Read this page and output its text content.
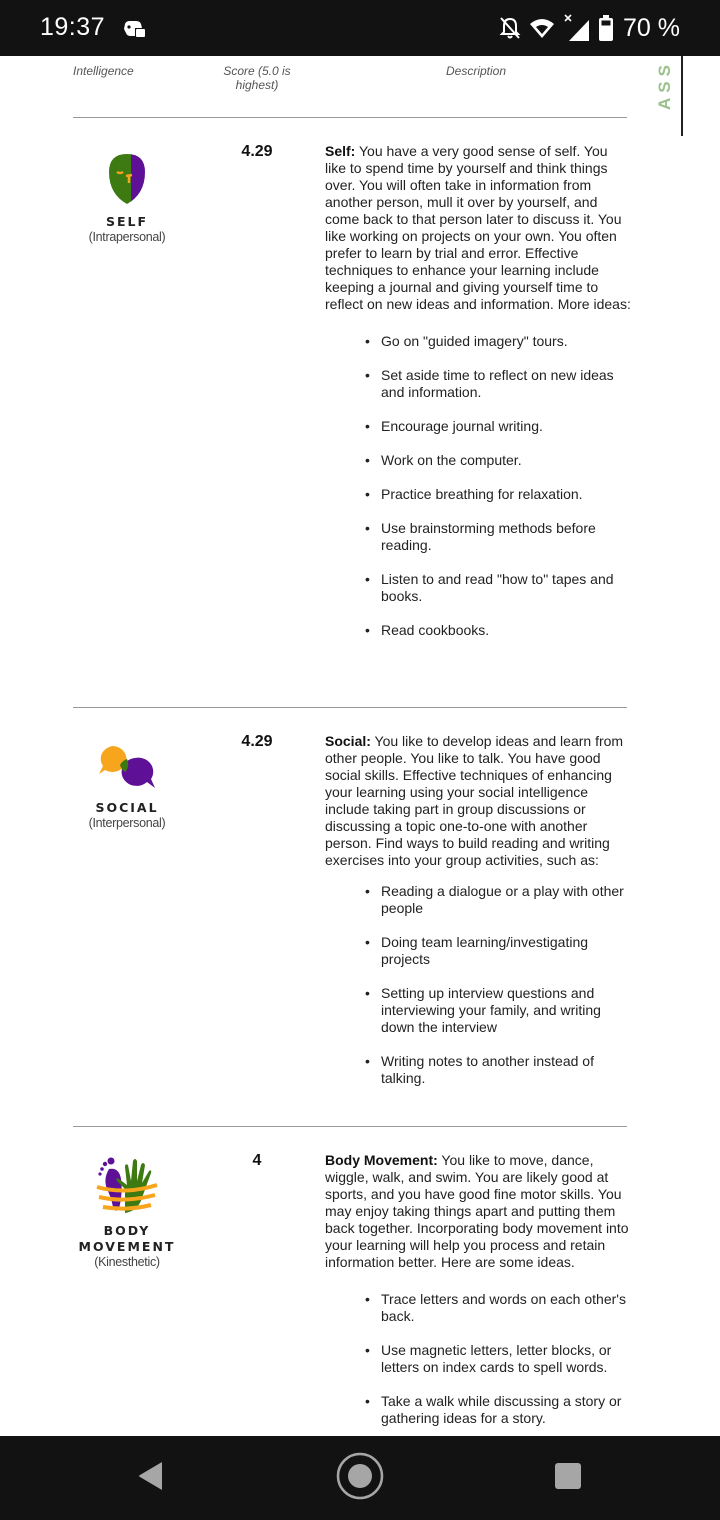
19:37	70 %
ASS
Intelligence	Score (5.0 is highest)
Description
SELF
(Intrapersonal)
4.29	Self: You have a very good sense of self. You like to spend time by yourself and think things over. You will often take in information from another person, mull it over by yourself, and come back to that person later to discuss it. You like working on projects on your own. You often prefer to learn by trial and error. Effective techniques to enhance your learning include keeping a journal and giving yourself time to reflect on new ideas and information. More ideas:

• Go on "guided imagery" tours.
• Set aside time to reflect on new ideas and information.
• Encourage journal writing.
• Work on the computer.
• Practice breathing for relaxation.
• Use brainstorming methods before reading.
• Listen to and read "how to" tapes and books.
• Read cookbooks.
SOCIAL
(Interpersonal)
4.29	Social: You like to develop ideas and learn from other people. You like to talk. You have good social skills. Effective techniques of enhancing your learning using your social intelligence include taking part in group discussions or discussing a topic one-to-one with another person. Find ways to build reading and writing exercises into your group activities, such as:

• Reading a dialogue or a play with other people
• Doing team learning/investigating projects
• Setting up interview questions and interviewing your family, and writing down the interview
• Writing notes to another instead of talking.
BODY MOVEMENT
(Kinesthetic)
4	Body Movement: You like to move, dance, wiggle, walk, and swim. You are likely good at sports, and you have good fine motor skills. You may enjoy taking things apart and putting them back together. Incorporating body movement into your learning will help you process and retain information better. Here are some ideas.

• Trace letters and words on each other's back.
• Use magnetic letters, letter blocks, or letters on index cards to spell words.
• Take a walk while discussing a story or gathering ideas for a story.
